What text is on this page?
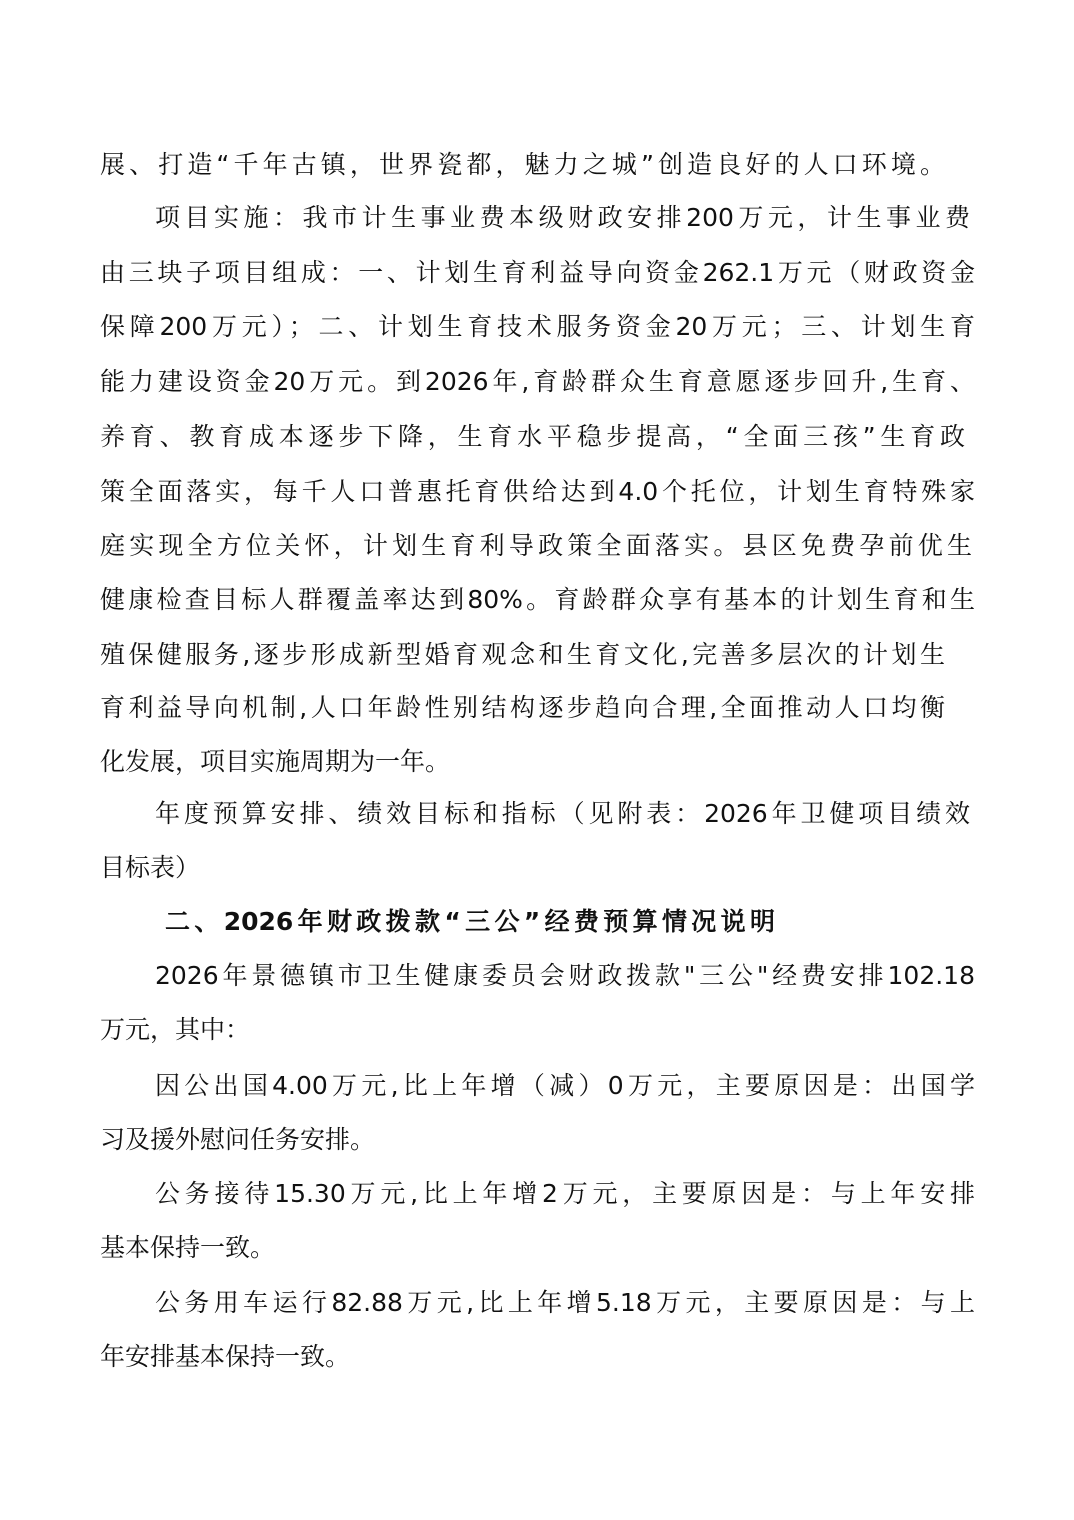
展、打造“千年古镇，世界瓷都，魅力之城”创造良好的人口环境。
项目实施：我市计生事业费本级财政安排200万元，计生事业费
由三块子项目组成：一、计划生育利益导向资金262.1万元（财政资金
保障200万元）；二、计划生育技术服务资金20万元；三、计划生育
能力建设资金20万元。到2026年,育龄群众生育意愿逐步回升,生育、
养育、教育成本逐步下降，生育水平稳步提高，“全面三孩”生育政
策全面落实，每千人口普惠托育供给达到4.0个托位，计划生育特殊家
庭实现全方位关怀，计划生育利导政策全面落实。县区免费孕前优生
健康检查目标人群覆盖率达到80%。育龄群众享有基本的计划生育和生
殖保健服务,逐步形成新型婚育观念和生育文化,完善多层次的计划生
育利益导向机制,人口年龄性别结构逐步趋向合理,全面推动人口均衡
化发展，项目实施周期为一年。
年度预算安排、绩效目标和指标（见附表：2026年卫健项目绩效
目标表）
二、2026年财政拨款“三公”经费预算情况说明
2026年景德镇市卫生健康委员会财政拨款"三公"经费安排102.18
万元，其中：
因公出国4.00万元,比上年增（减）0万元，主要原因是：出国学
习及援外慰问任务安排。
公务接待15.30万元,比上年增2万元，主要原因是：与上年安排
基本保持一致。
公务用车运行82.88万元,比上年增5.18万元，主要原因是：与上
年安排基本保持一致。
